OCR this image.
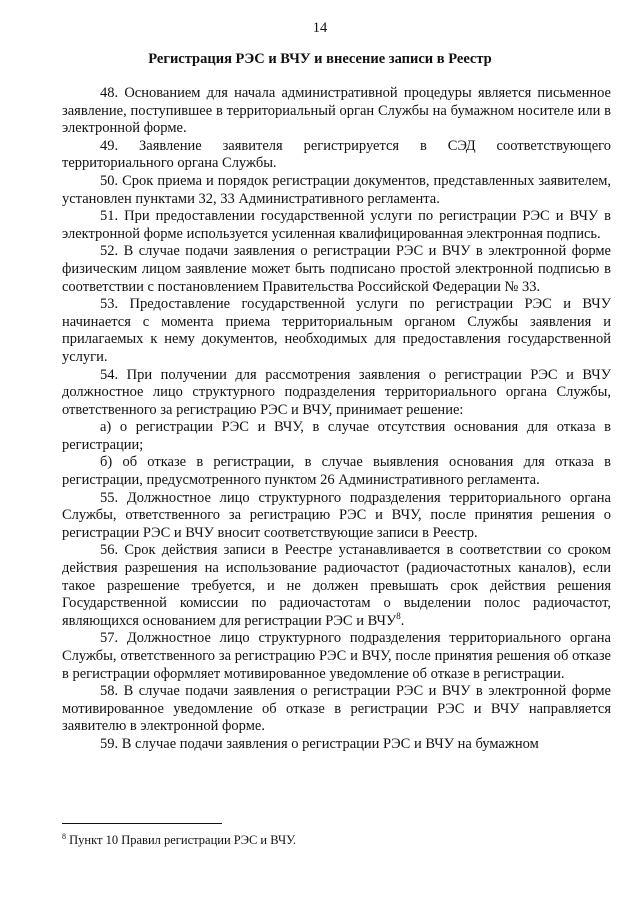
14
Регистрация РЭС и ВЧУ и внесение записи в Реестр

48. Основанием для начала административной процедуры является письменное заявление, поступившее в территориальный орган Службы на бумажном носителе или в электронной форме.

49. Заявление заявителя регистрируется в СЭД соответствующего территориального органа Службы.

50. Срок приема и порядок регистрации документов, представленных заявителем, установлен пунктами 32, 33 Административного регламента.

51. При предоставлении государственной услуги по регистрации РЭС и ВЧУ в электронной форме используется усиленная квалифицированная электронная подпись.

52. В случае подачи заявления о регистрации РЭС и ВЧУ в электронной форме физическим лицом заявление может быть подписано простой электронной подписью в соответствии с постановлением Правительства Российской Федерации № 33.

53. Предоставление государственной услуги по регистрации РЭС и ВЧУ начинается с момента приема территориальным органом Службы заявления и прилагаемых к нему документов, необходимых для предоставления государственной услуги.

54. При получении для рассмотрения заявления о регистрации РЭС и ВЧУ должностное лицо структурного подразделения территориального органа Службы, ответственного за регистрацию РЭС и ВЧУ, принимает решение:

а) о регистрации РЭС и ВЧУ, в случае отсутствия основания для отказа в регистрации;

б) об отказе в регистрации, в случае выявления основания для отказа в регистрации, предусмотренного пунктом 26 Административного регламента.

55. Должностное лицо структурного подразделения территориального органа Службы, ответственного за регистрацию РЭС и ВЧУ, после принятия решения о регистрации РЭС и ВЧУ вносит соответствующие записи в Реестр.

56. Срок действия записи в Реестре устанавливается в соответствии со сроком действия разрешения на использование радиочастот (радиочастотных каналов), если такое разрешение требуется, и не должен превышать срок действия решения Государственной комиссии по радиочастотам о выделении полос радиочастот, являющихся основанием для регистрации РЭС и ВЧУ$^8$.

57. Должностное лицо структурного подразделения территориального органа Службы, ответственного за регистрацию РЭС и ВЧУ, после принятия решения об отказе в регистрации оформляет мотивированное уведомление об отказе в регистрации.

58. В случае подачи заявления о регистрации РЭС и ВЧУ в электронной форме мотивированное уведомление об отказе в регистрации РЭС и ВЧУ направляется заявителю в электронной форме.

59. В случае подачи заявления о регистрации РЭС и ВЧУ на бумажном

$^8$ Пункт 10 Правил регистрации РЭС и ВЧУ.
